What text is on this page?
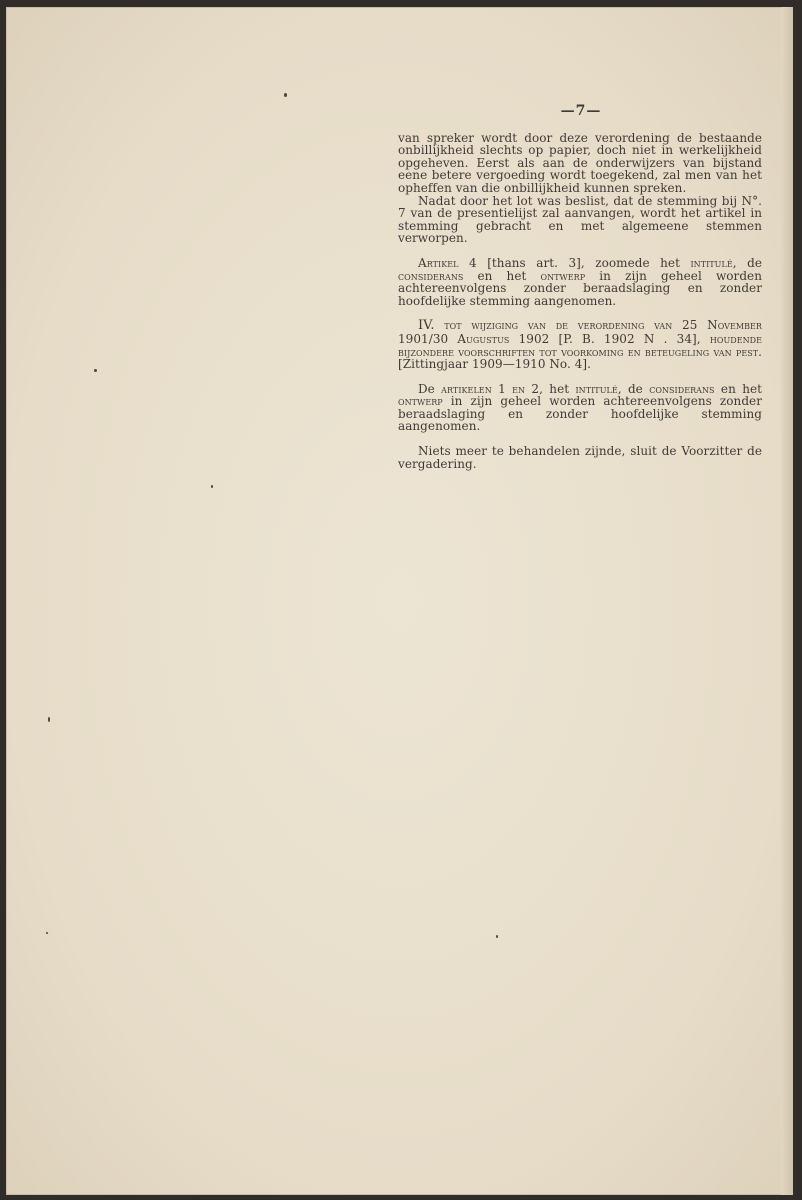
—7—

van spreker wordt door deze verordening de bestaande onbillijkheid slechts op papier, doch niet in werkelijkheid opgeheven. Eerst als aan de onderwijzers van bijstand eene betere vergoeding wordt toegekend, zal men van het opheffen van die onbillijkheid kunnen spreken.

Nadat door het lot was beslist, dat de stemming bij N°. 7 van de presentielijst zal aanvangen, wordt het artikel in stemming gebracht en met algemeene stemmen verworpen.

Artikel 4 [thans art. 3], zoomede het intitulé, de considerans en het ontwerp in zijn geheel worden achtereenvolgens zonder beraadslaging en zonder hoofdelijke stemming aangenomen.

IV. tot wijziging van de verordening van 25 November 1901/30 Augustus 1902 [P. B. 1902 N . 34], houdende bijzondere voorschriften tot voorkoming en beteugeling van pest. [Zittingjaar 1909—1910 No. 4].

De artikelen 1 en 2, het intitulé, de considerans en het ontwerp in zijn geheel worden achtereenvolgens zonder beraadslaging en zonder hoofdelijke stemming aangenomen.

Niets meer te behandelen zijnde, sluit de Voorzitter de vergadering.
